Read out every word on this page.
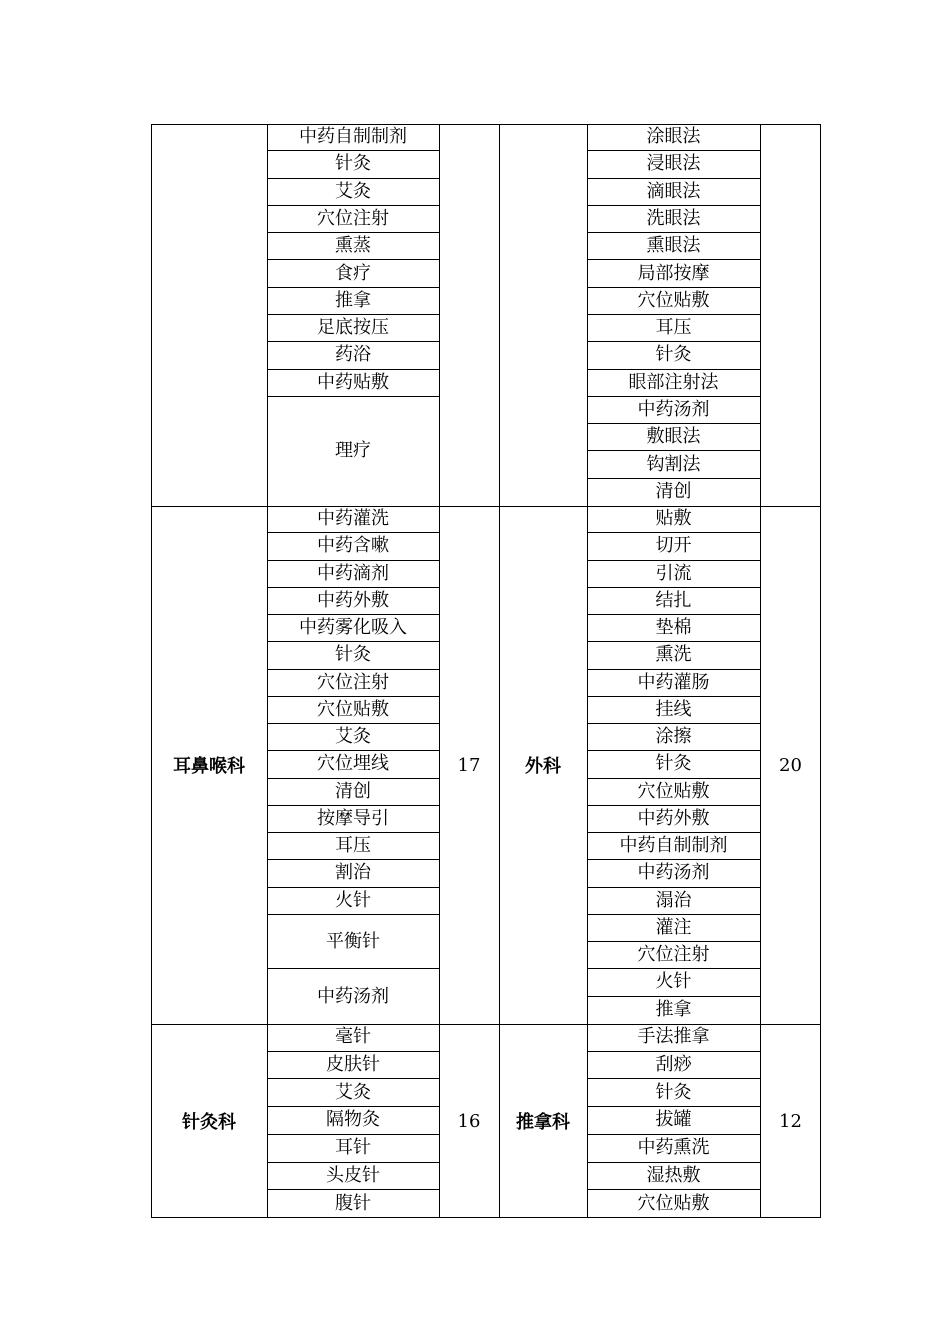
中药自制制剂
针灸
艾灸
穴位注射
熏蒸
食疗
推拿
足底按压
药浴
中药贴敷
理疗
涂眼法
浸眼法
滴眼法
洗眼法
熏眼法
局部按摩
穴位贴敷
耳压
针灸
眼部注射法
中药汤剂
敷眼法
钩割法
清创
耳鼻喉科
中药灌洗
中药含嗽
中药滴剂
中药外敷
中药雾化吸入
针灸
穴位注射
穴位贴敷
艾灸
穴位埋线
清创
按摩导引
耳压
割治
火针
平衡针
中药汤剂
17	外科
贴敷
切开
引流
结扎
垫棉
熏洗
中药灌肠
挂线
涂擦
针灸
穴位贴敷
中药外敷
中药自制制剂
中药汤剂
溻治
灌注
穴位注射
火针
推拿
20
针灸科
毫针
皮肤针
艾灸
隔物灸
耳针
头皮针
腹针
16	推拿科
手法推拿
刮痧
针灸
拔罐
中药熏洗
湿热敷
穴位贴敷
12
